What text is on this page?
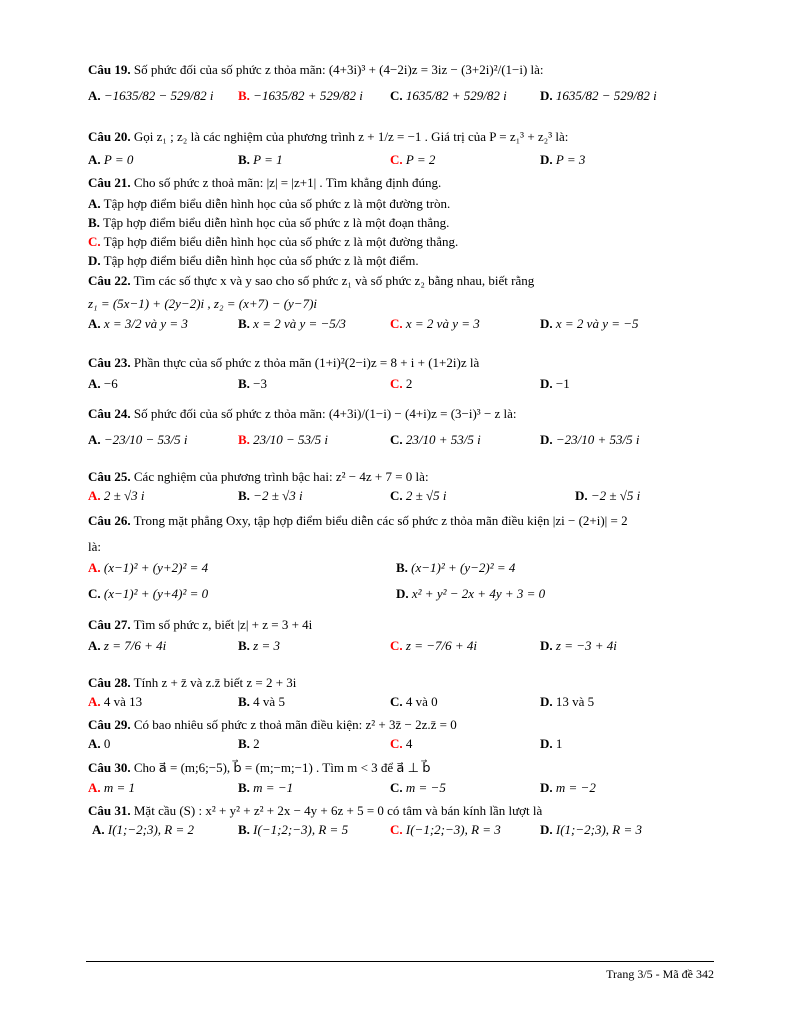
Câu 19. Số phức đối của số phức z thỏa mãn: (4+3i)³ + (4−2i)z = 3iz − (3+2i)²/(1−i) là:
A. −1635/82 − 529/82 i B. −1635/82 + 529/82 i C. 1635/82 + 529/82 i	D. 1635/82 − 529/82 i
Câu 20. Gọi z₁ ; z₂ là các nghiệm của phương trình z + 1/z = −1 . Giá trị của P = z₁³ + z₂³ là:
A. P = 0	B. P = 1	C. P = 2	D. P = 3
Câu 21. Cho số phức z thoả mãn: |z| = |z+1| . Tìm khẳng định đúng.
A. Tập hợp điểm biểu diễn hình học của số phức z là một đường tròn.
B. Tập hợp điểm biểu diễn hình học của số phức z là một đoạn thẳng.
C. Tập hợp điểm biểu diễn hình học của số phức z là một đường thẳng.
D. Tập hợp điểm biểu diễn hình học của số phức z là một điểm.
Câu 22. Tìm các số thực x và y sao cho số phức z₁ và số phức z₂ bằng nhau, biết rằng
z₁ = (5x−1) + (2y−2)i , z₂ = (x+7) − (y−7)i
A. x = 3/2 và y = 3	B. x = 2 và y = −5/3	C. x = 2 và y = 3	D. x = 2 và y = −5
Câu 23. Phần thực của số phức z thỏa mãn (1+i)²(2−i)z = 8 + i + (1+2i)z là
A. −6	B. −3	C. 2	D. −1
Câu 24. Số phức đối của số phức z thỏa mãn: (4+3i)/(1−i) − (4+i)z = (3−i)³ − z là:
A. −23/10 − 53/5 i	B. 23/10 − 53/5 i	C. 23/10 + 53/5 i	D. −23/10 + 53/5 i
Câu 25. Các nghiệm của phương trình bậc hai: z² − 4z + 7 = 0 là:
A. 2 ± √3 i	B. −2 ± √3 i	C. 2 ± √5 i	D. −2 ± √5 i
Câu 26. Trong mặt phẳng Oxy, tập hợp điểm biểu diễn các số phức z thỏa mãn điều kiện |zi − (2+i)| = 2
là:
A. (x−1)² + (y+2)² = 4	B. (x−1)² + (y−2)² = 4
C. (x−1)² + (y+4)² = 0	D. x² + y² − 2x + 4y + 3 = 0
Câu 27. Tìm số phức z, biết |z| + z = 3 + 4i
A. z = 7/6 + 4i	B. z = 3	C. z = −7/6 + 4i	D. z = −3 + 4i
Câu 28. Tính z + z̄ và z.z̄ biết z = 2 + 3i
A. 4 và 13	B. 4 và 5	C. 4 và 0	D. 13 và 5
Câu 29. Có bao nhiêu số phức z thoả mãn điều kiện: z² + 3z̄ − 2z.z̄ = 0
A. 0	B. 2	C. 4	D. 1
Câu 30. Cho a⃗ = (m;6;−5), b⃗ = (m;−m;−1) . Tìm m < 3 để a⃗ ⊥ b⃗
A. m = 1	B. m = −1	C. m = −5	D. m = −2
Câu 31. Mặt cầu (S) : x² + y² + z² + 2x − 4y + 6z + 5 = 0 có tâm và bán kính lần lượt là
A. I(1;−2;3), R = 2	B. I(−1;2;−3), R = 5	C. I(−1;2;−3), R = 3	D. I(1;−2;3), R = 3
Trang 3/5 - Mã đề 342
